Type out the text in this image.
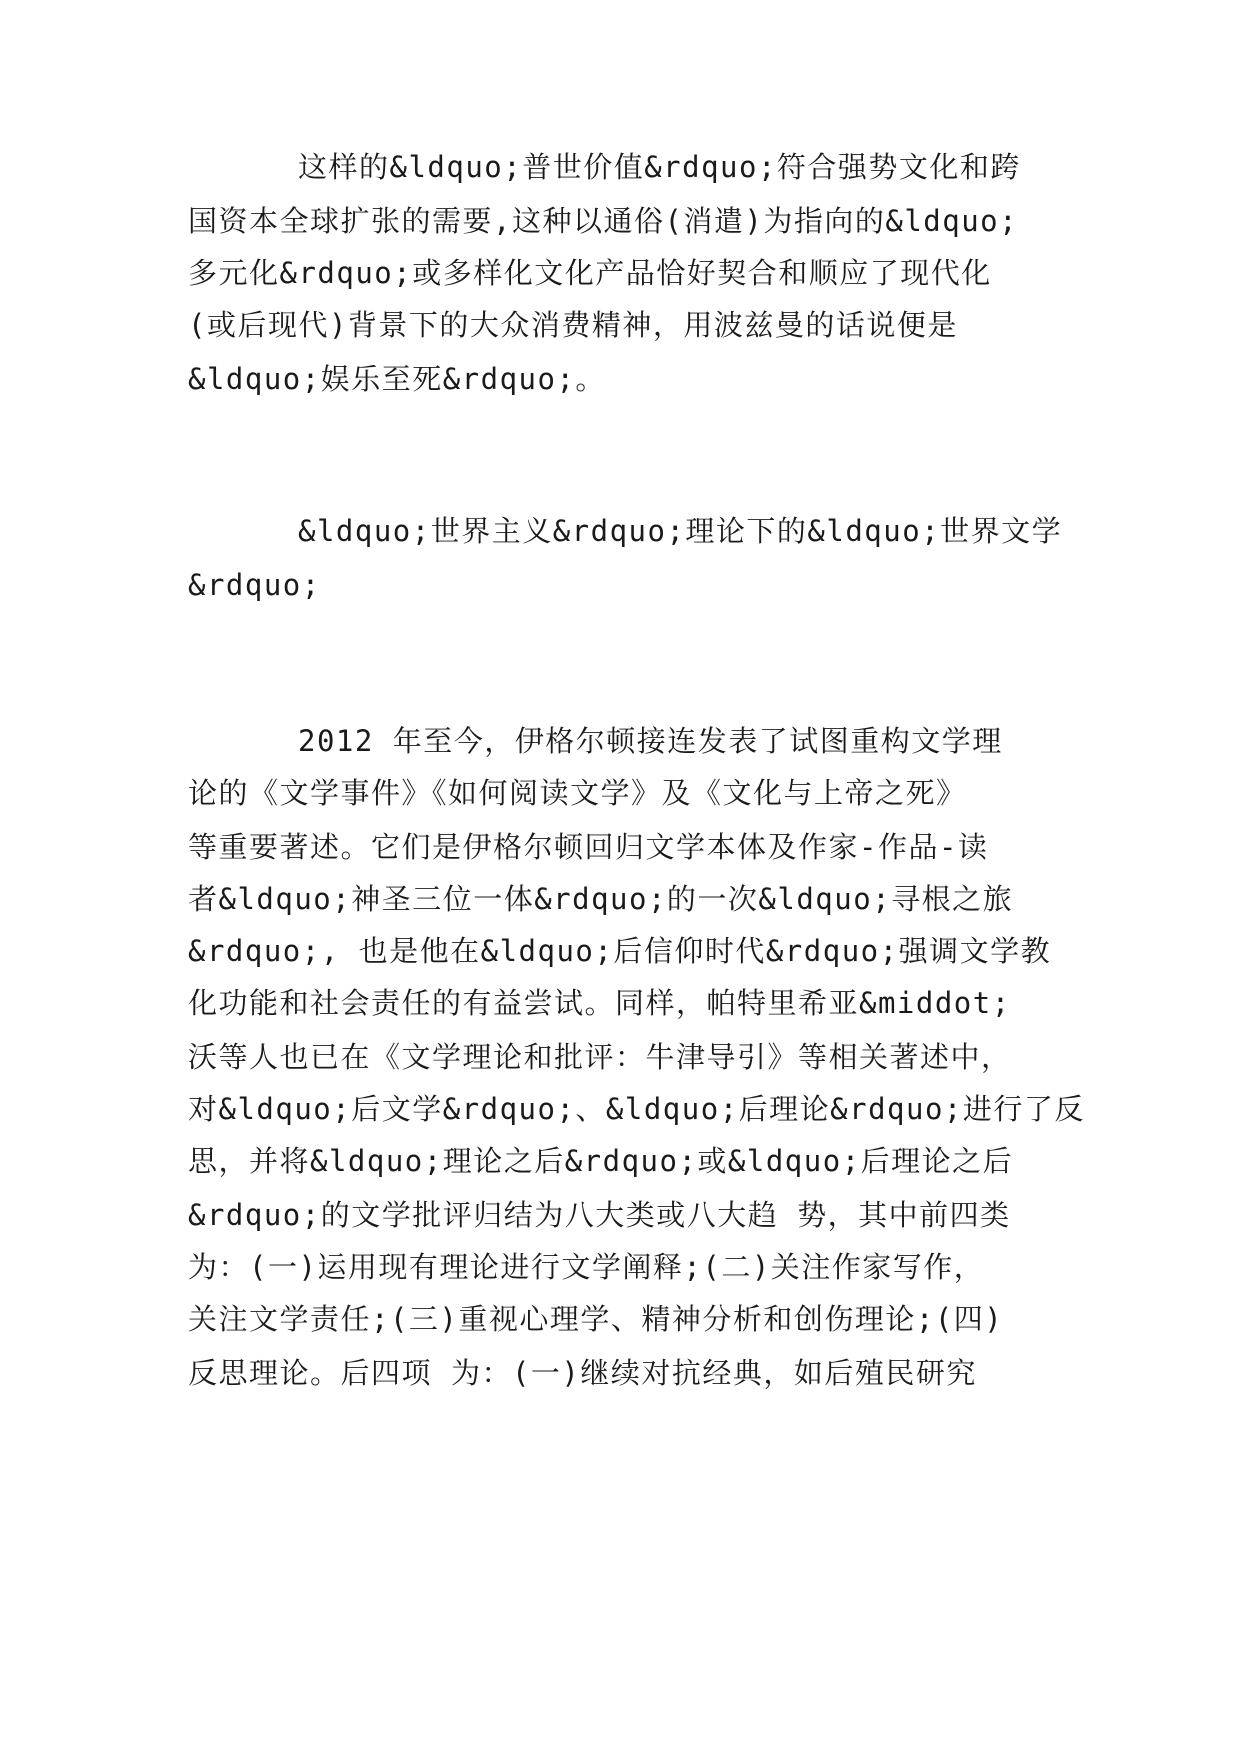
这样的&ldquo;普世价值&rdquo;符合强势文化和跨
国资本全球扩张的需要,这种以通俗(消遣)为指向的&ldquo;
多元化&rdquo;或多样化文化产品恰好契合和顺应了现代化
(或后现代)背景下的大众消费精神，用波兹曼的话说便是
&ldquo;娱乐至死&rdquo;。
&ldquo;世界主义&rdquo;理论下的&ldquo;世界文学
&rdquo;
2012 年至今，伊格尔顿接连发表了试图重构文学理
论的《文学事件》《如何阅读文学》及《文化与上帝之死》
等重要著述。它们是伊格尔顿回归文学本体及作家-作品-读
者&ldquo;神圣三位一体&rdquo;的一次&ldquo;寻根之旅
&rdquo;, 也是他在&ldquo;后信仰时代&rdquo;强调文学教
化功能和社会责任的有益尝试。同样，帕特里希亚&middot;
沃等人也已在《文学理论和批评：牛津导引》等相关著述中，
对&ldquo;后文学&rdquo;、&ldquo;后理论&rdquo;进行了反
思，并将&ldquo;理论之后&rdquo;或&ldquo;后理论之后
&rdquo;的文学批评归结为八大类或八大趋 势，其中前四类
为：(一)运用现有理论进行文学阐释;(二)关注作家写作，
关注文学责任;(三)重视心理学、精神分析和创伤理论;(四)
反思理论。后四项 为：(一)继续对抗经典，如后殖民研究
